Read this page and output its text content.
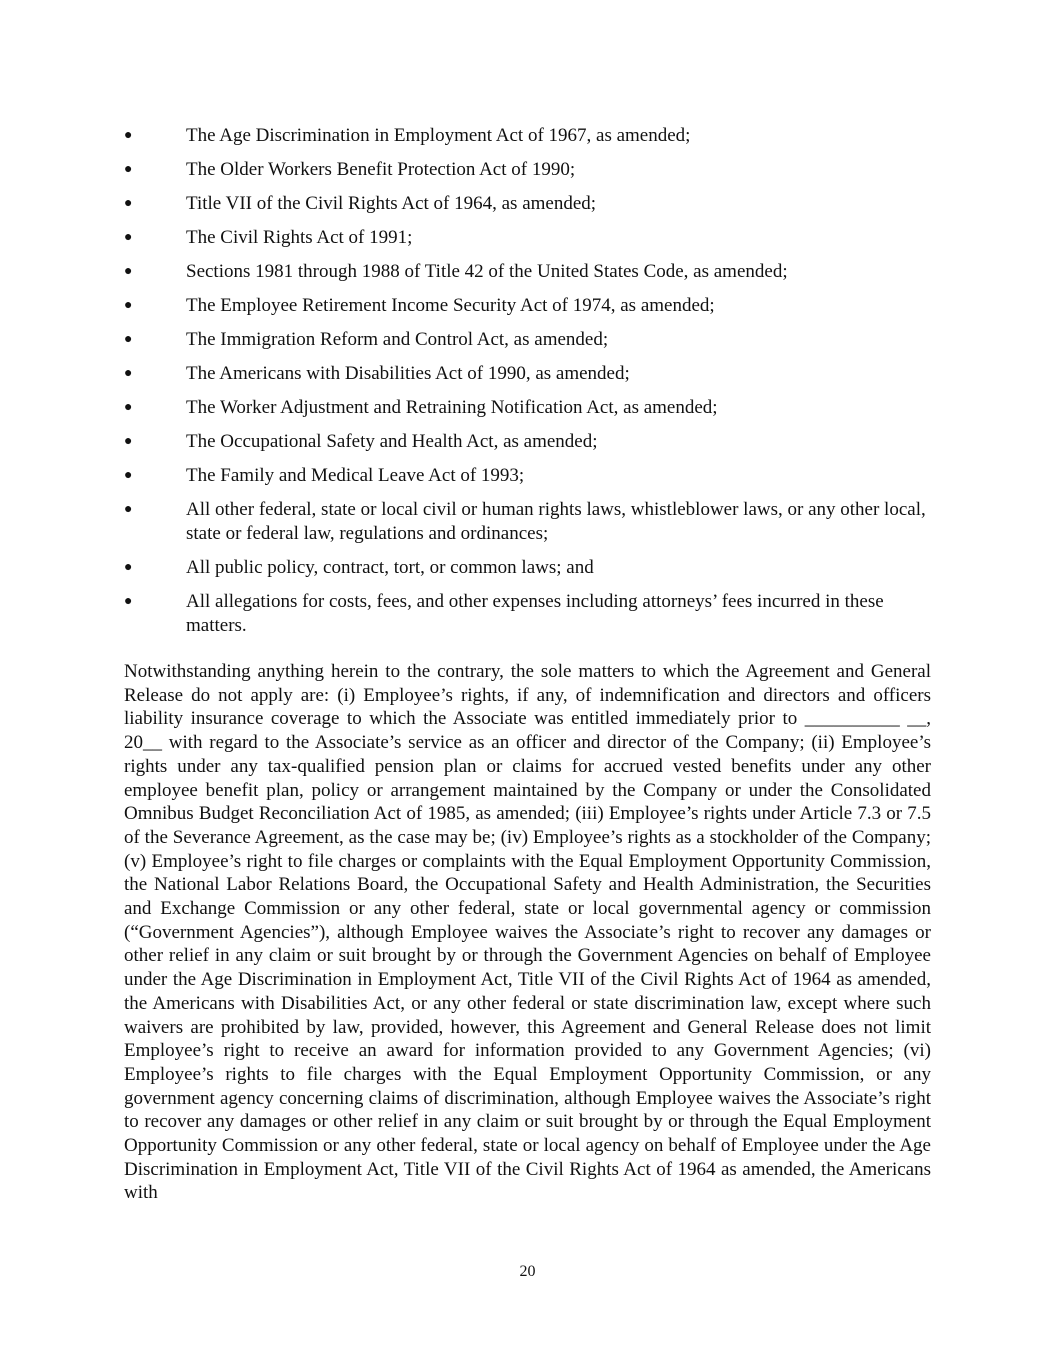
●	The Age Discrimination in Employment Act of 1967, as amended;
●	The Older Workers Benefit Protection Act of 1990;
●	Title VII of the Civil Rights Act of 1964, as amended;
●	The Civil Rights Act of 1991;
●	Sections 1981 through 1988 of Title 42 of the United States Code, as amended;
●	The Employee Retirement Income Security Act of 1974, as amended;
●	The Immigration Reform and Control Act, as amended;
●	The Americans with Disabilities Act of 1990, as amended;
●	The Worker Adjustment and Retraining Notification Act, as amended;
●	The Occupational Safety and Health Act, as amended;
●	The Family and Medical Leave Act of 1993;
●	All other federal, state or local civil or human rights laws, whistleblower laws, or any other local, state or federal law, regulations and ordinances;
●	All public policy, contract, tort, or common laws; and
●	All allegations for costs, fees, and other expenses including attorneys’ fees incurred in these matters.

Notwithstanding anything herein to the contrary, the sole matters to which the Agreement and General Release do not apply are: (i) Employee’s rights, if any, of indemnification and directors and officers liability insurance coverage to which the Associate was entitled immediately prior to __________ __, 20__ with regard to the Associate’s service as an officer and director of the Company; (ii) Employee’s rights under any tax-qualified pension plan or claims for accrued vested benefits under any other employee benefit plan, policy or arrangement maintained by the Company or under the Consolidated Omnibus Budget Reconciliation Act of 1985, as amended; (iii) Employee’s rights under Article 7.3 or 7.5 of the Severance Agreement, as the case may be; (iv) Employee’s rights as a stockholder of the Company; (v) Employee’s right to file charges or complaints with the Equal Employment Opportunity Commission, the National Labor Relations Board, the Occupational Safety and Health Administration, the Securities and Exchange Commission or any other federal, state or local governmental agency or commission (“Government Agencies”), although Employee waives the Associate’s right to recover any damages or other relief in any claim or suit brought by or through the Government Agencies on behalf of Employee under the Age Discrimination in Employment Act, Title VII of the Civil Rights Act of 1964 as amended, the Americans with Disabilities Act, or any other federal or state discrimination law, except where such waivers are prohibited by law, provided, however, this Agreement and General Release does not limit Employee’s right to receive an award for information provided to any Government Agencies; (vi) Employee’s rights to file charges with the Equal Employment Opportunity Commission, or any government agency concerning claims of discrimination, although Employee waives the Associate’s right to recover any damages or other relief in any claim or suit brought by or through the Equal Employment Opportunity Commission or any other federal, state or local agency on behalf of Employee under the Age Discrimination in Employment Act, Title VII of the Civil Rights Act of 1964 as amended, the Americans with

20
